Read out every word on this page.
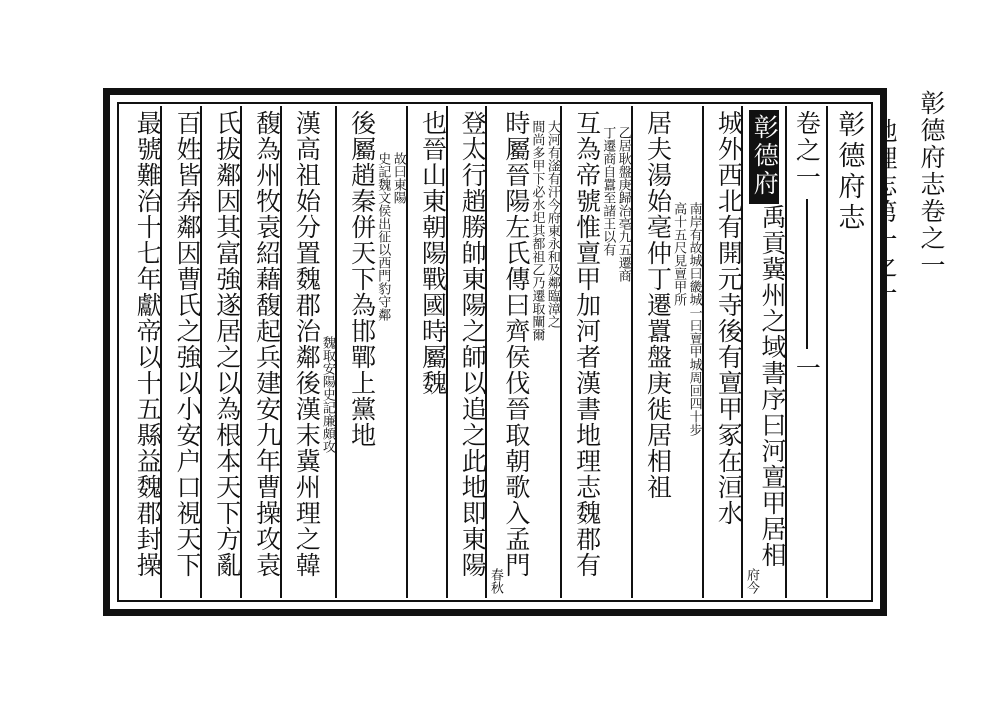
彰德府志卷之一
彰德府志
卷之一
一
彰德府
禹貢冀州之域書序曰河亶甲居相
府今
城外西北有開元寺後有亶甲冢在洹水
南岸有故城曰畿城一曰亶甲城周回四十步
高十五尺見亶甲所
居夫湯始亳仲丁遷囂盤庚徙居相祖
乙居耿盤庚歸治亳九五遷商
丁遷商自囂至諸王以有
互為帝號惟亶甲加河者漢書地理志魏郡有
大河有滏有汗今府東永和及鄰臨漳之
間尚多甲下必水圯其都祖乙乃遷取闡爾
時屬晉陽左氏傳曰齊侯伐晉取朝歌入孟門
春秋
登太行趙勝帥東陽之師以追之此地即東陽
也晉山東朝陽戰國時屬魏
故曰東陽
史記魏文侯出征以西門豹守鄰
後屬趙秦併天下為邯鄲上黨地
魏取安陽史記廉頗攻
漢高祖始分置魏郡治鄰後漢末冀州理之韓
馥為州牧袁紹藉馥起兵建安九年曹操攻袁
氏拔鄰因其富強遂居之以為根本天下方亂
百姓皆奔鄰因曹氏之強以小安户口視天下
最號難治十七年獻帝以十五縣益魏郡封操
